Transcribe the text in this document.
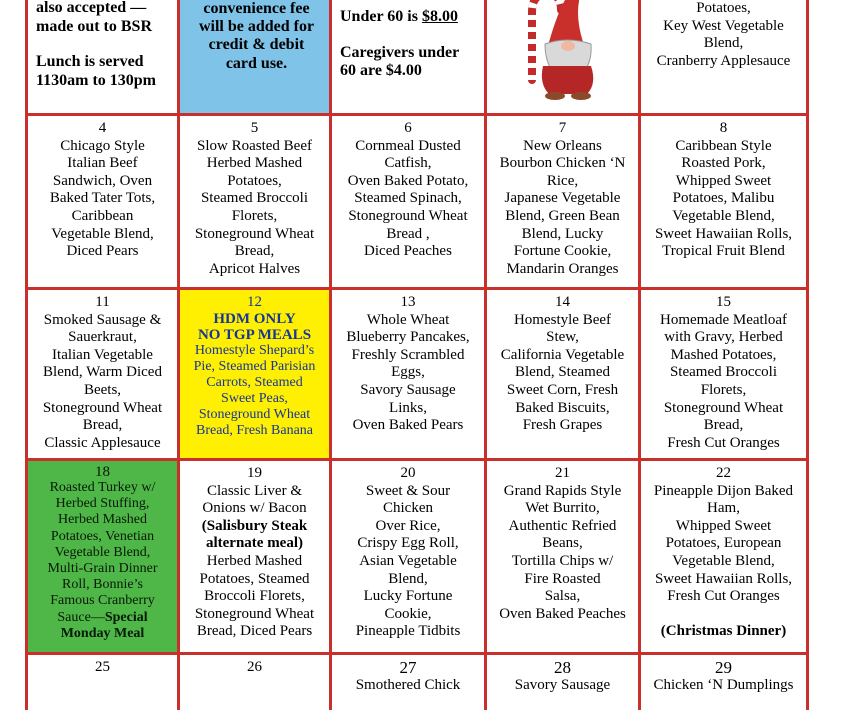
also accepted —
made out to BSR
Lunch is served
1130am to 130pm
convenience fee
will be added for
credit & debit
card use.
Under 60 is $8.00
Caregivers under
60 are $4.00
Potatoes,
Key West Vegetable
Blend,
Cranberry Applesauce
4
Chicago Style
Italian Beef
Sandwich, Oven
Baked Tater Tots,
Caribbean
Vegetable Blend,
Diced Pears
5
Slow Roasted Beef
Herbed Mashed
Potatoes,
Steamed Broccoli
Florets,
Stoneground Wheat
Bread,
Apricot Halves
6
Cornmeal Dusted
Catfish,
Oven Baked Potato,
Steamed Spinach,
Stoneground Wheat
Bread ,
Diced Peaches
7
New Orleans
Bourbon Chicken ‘N
Rice,
Japanese Vegetable
Blend, Green Bean
Blend, Lucky
Fortune Cookie,
Mandarin Oranges
8
Caribbean Style
Roasted Pork,
Whipped Sweet
Potatoes, Malibu
Vegetable Blend,
Sweet Hawaiian Rolls,
Tropical Fruit Blend
11
Smoked Sausage &
Sauerkraut,
Italian Vegetable
Blend, Warm Diced
Beets,
Stoneground Wheat
Bread,
Classic Applesauce
12
HDM ONLY
NO TGP MEALS
Homestyle Shepard’s
Pie, Steamed Parisian
Carrots, Steamed
Sweet Peas,
Stoneground Wheat
Bread, Fresh Banana
13
Whole Wheat
Blueberry Pancakes,
Freshly Scrambled
Eggs,
Savory Sausage
Links,
Oven Baked Pears
14
Homestyle Beef
Stew,
California Vegetable
Blend, Steamed
Sweet Corn, Fresh
Baked Biscuits,
Fresh Grapes
15
Homemade Meatloaf
with Gravy, Herbed
Mashed Potatoes,
Steamed Broccoli
Florets,
Stoneground Wheat
Bread,
Fresh Cut Oranges
18
Roasted Turkey w/
Herbed Stuffing,
Herbed Mashed
Potatoes, Venetian
Vegetable Blend,
Multi-Grain Dinner
Roll, Bonnie’s
Famous Cranberry
Sauce—Special
Monday Meal
19
Classic Liver &
Onions w/ Bacon
(Salisbury Steak
alternate meal)
Herbed Mashed
Potatoes, Steamed
Broccoli Florets,
Stoneground Wheat
Bread, Diced Pears
20
Sweet & Sour
Chicken
Over Rice,
Crispy Egg Roll,
Asian Vegetable
Blend,
Lucky Fortune
Cookie,
Pineapple Tidbits
21
Grand Rapids Style
Wet Burrito,
Authentic Refried
Beans,
Tortilla Chips w/
Fire Roasted
Salsa,
Oven Baked Peaches
22
Pineapple Dijon Baked
Ham,
Whipped Sweet
Potatoes, European
Vegetable Blend,
Sweet Hawaiian Rolls,
Fresh Cut Oranges
(Christmas Dinner)
25	26	27
Smothered Chick
28
Savory Sausage
29
Chicken ‘N Dumplings
